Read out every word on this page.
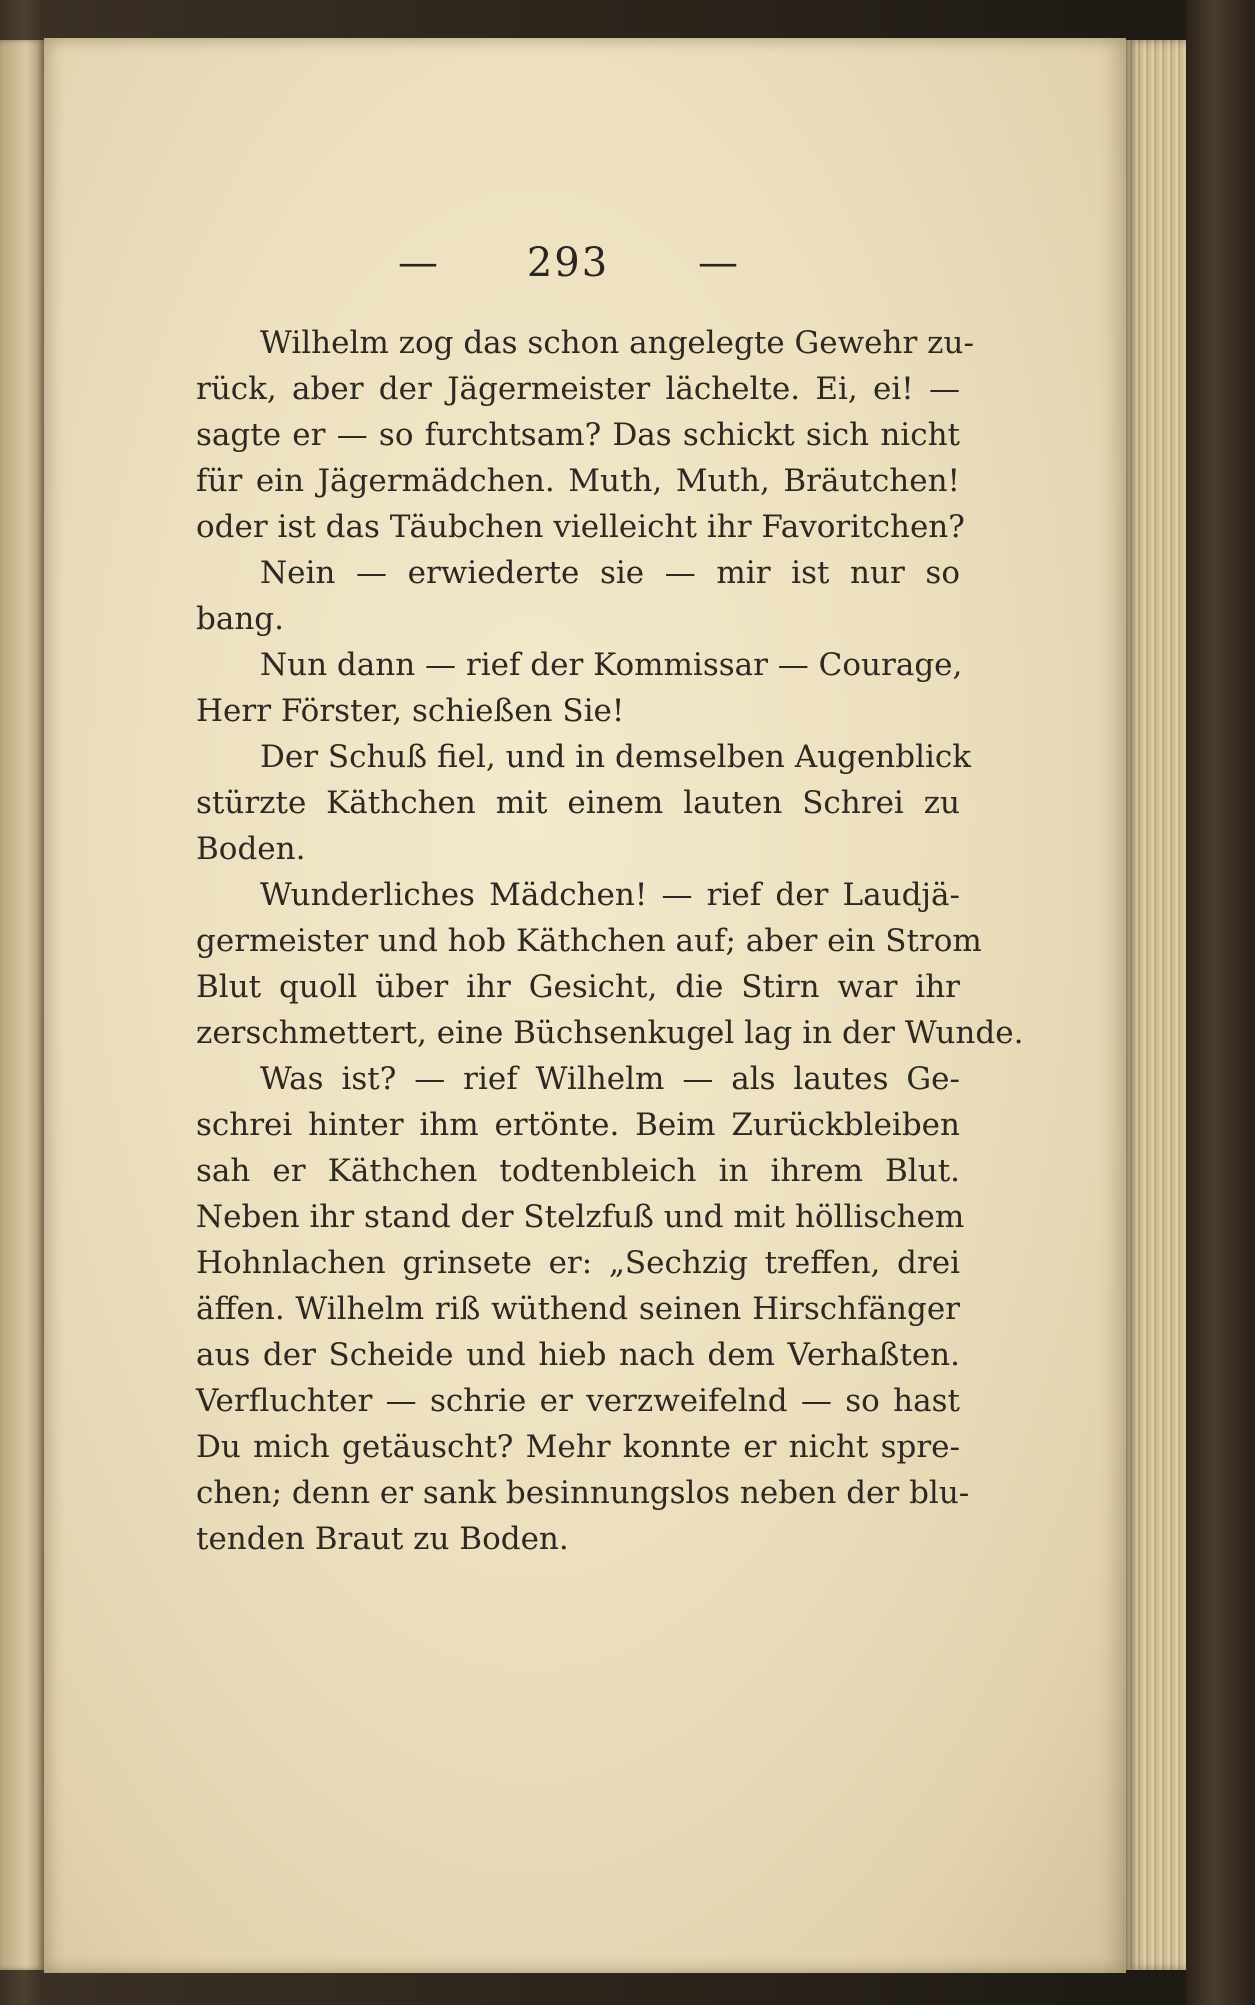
— 293 —
Wilhelm zog das schon angelegte Gewehr zu-
rück, aber der Jägermeister lächelte. Ei, ei! —
sagte er — so furchtsam? Das schickt sich nicht
für ein Jägermädchen. Muth, Muth, Bräutchen!
oder ist das Täubchen vielleicht ihr Favoritchen?
Nein — erwiederte sie — mir ist nur so
bang.
Nun dann — rief der Kommissar — Courage,
Herr Förster, schießen Sie!
Der Schuß fiel, und in demselben Augenblick
stürzte Käthchen mit einem lauten Schrei zu
Boden.
Wunderliches Mädchen! — rief der Laudjä-
germeister und hob Käthchen auf; aber ein Strom
Blut quoll über ihr Gesicht, die Stirn war ihr
zerschmettert, eine Büchsenkugel lag in der Wunde.
Was ist? — rief Wilhelm — als lautes Ge-
schrei hinter ihm ertönte. Beim Zurückbleiben
sah er Käthchen todtenbleich in ihrem Blut.
Neben ihr stand der Stelzfuß und mit höllischem
Hohnlachen grinsete er: „Sechzig treffen, drei
äffen. Wilhelm riß wüthend seinen Hirschfänger
aus der Scheide und hieb nach dem Verhaßten.
Verfluchter — schrie er verzweifelnd — so hast
Du mich getäuscht? Mehr konnte er nicht spre-
chen; denn er sank besinnungslos neben der blu-
tenden Braut zu Boden.
